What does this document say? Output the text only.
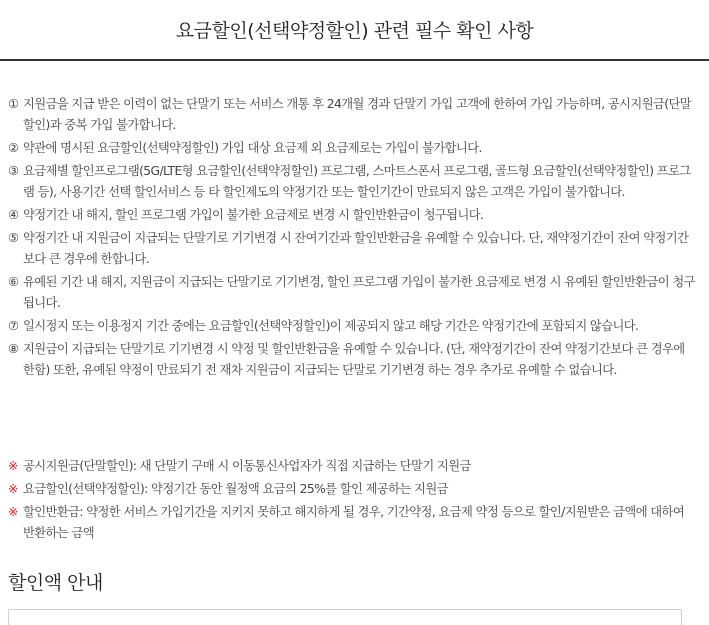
요금할인(선택약정할인) 관련 필수 확인 사항
① 지원금을 지급 받은 이력이 없는 단말기 또는 서비스 개통 후 24개월 경과 단말기 가입 고객에 한하여 가입 가능하며, 공시지원금(단말할인)과 중복 가입 불가합니다.
② 약관에 명시된 요금할인(선택약정할인) 가입 대상 요금제 외 요금제로는 가입이 불가합니다.
③ 요금제별 할인프로그램(5G/LTE형 요금할인(선택약정할인) 프로그램, 스마트스폰서 프로그램, 골드형 요금할인(선택약정할인) 프로그램 등), 사용기간 선택 할인서비스 등 타 할인제도의 약정기간 또는 할인기간이 만료되지 않은 고객은 가입이 불가합니다.
④ 약정기간 내 해지, 할인 프로그램 가입이 불가한 요금제로 변경 시 할인반환금이 청구됩니다.
⑤ 약정기간 내 지원금이 지급되는 단말기로 기기변경 시 잔여기간과 할인반환금을 유예할 수 있습니다. 단, 재약정기간이 잔여 약정기간보다 큰 경우에 한합니다.
⑥ 유예된 기간 내 해지, 지원금이 지급되는 단말기로 기기변경, 할인 프로그램 가입이 불가한 요금제로 변경 시 유예된 할인반환금이 청구됩니다.
⑦ 일시정지 또는 이용정지 기간 중에는 요금할인(선택약정할인)이 제공되지 않고 해당 기간은 약정기간에 포함되지 않습니다.
⑧ 지원금이 지급되는 단말기로 기기변경 시 약정 및 할인반환금을 유예할 수 있습니다. (단, 재약정기간이 잔여 약정기간보다 큰 경우에 한함) 또한, 유예된 약정이 만료되기 전 재차 지원금이 지급되는 단말로 기기변경 하는 경우 추가로 유예할 수 없습니다.
※ 공시지원금(단말할인): 새 단말기 구매 시 이동통신사업자가 직접 지급하는 단말기 지원금
※ 요금할인(선택약정할인): 약정기간 동안 월정액 요금의 25%를 할인 제공하는 지원금
※ 할인반환금: 약정한 서비스 가입기간을 지키지 못하고 해지하게 될 경우, 기간약정, 요금제 약정 등으로 할인/지원받은 금액에 대하여 반환하는 금액
할인액 안내
